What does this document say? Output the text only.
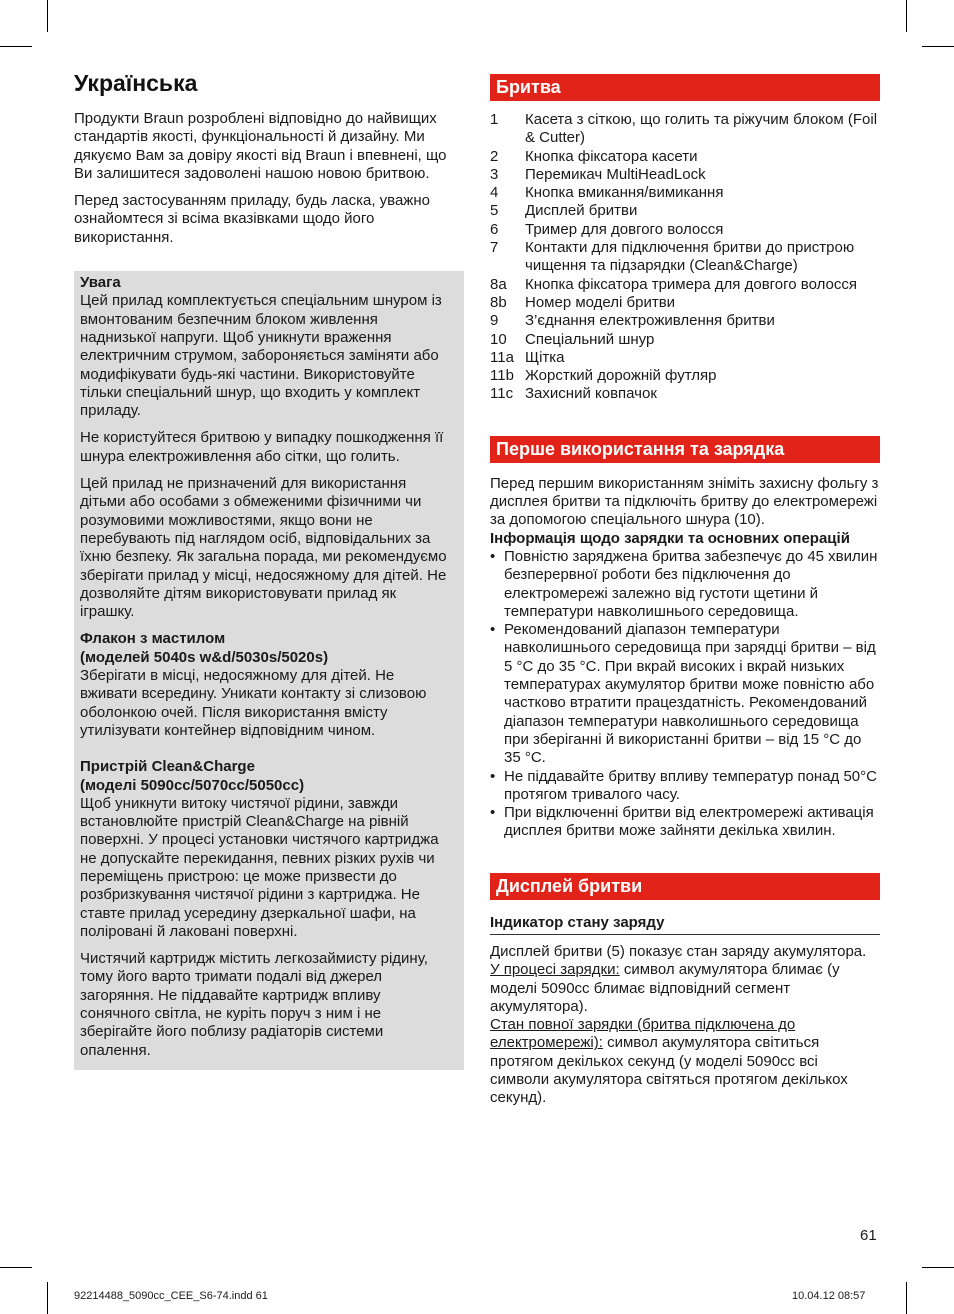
Українська

Продукти Braun розроблені відповідно до найвищих стандартів якості, функціональності й дизайну. Ми дякуємо Вам за довіру якості від Braun і впевнені, що Ви залишитеся задоволені нашою новою бритвою.

Перед застосуванням приладу, будь ласка, уважно ознайомтеся зі всіма вказівками щодо його використання.

Увага

Цей прилад комплектується спеціальним шнуром із вмонтованим безпечним блоком живлення наднизької напруги. Щоб уникнути враження електричним струмом, забороняється заміняти або модифікувати будь-які частини. Використовуйте тільки спеціальний шнур, що входить у комплект приладу.

Не користуйтеся бритвою у випадку пошкодження її шнура електроживлення або сітки, що голить.

Цей прилад не призначений для використання дітьми або особами з обмеженими фізичними чи розумовими можливостями, якщо вони не перебувають під наглядом осіб, відповідальних за їхню безпеку. Як загальна порада, ми рекомендуємо зберігати прилад у місці, недосяжному для дітей. Не дозволяйте дітям використовувати прилад як іграшку.

Флакон з мастилом
(моделей 5040s w&d/5030s/5020s)

Зберігати в місці, недосяжному для дітей. Не вживати всередину. Уникати контакту зі слизовою оболонкою очей. Після використання вмісту утилізувати контейнер відповідним чином.

Пристрій Clean&Charge
(моделі 5090cc/5070cc/5050cc)

Щоб уникнути витоку чистячої рідини, завжди встановлюйте пристрій Clean&Charge на рівній поверхні. У процесі установки чистячого картриджа не допускайте перекидання, певних різких рухів чи переміщень пристрою: це може призвести до розбризкування чистячої рідини з картриджа. Не ставте прилад усередину дзеркальної шафи, на поліровані й лаковані поверхні.

Чистячий картридж містить легкозаймисту рідину, тому його варто тримати подалі від джерел загоряння. Не піддавайте картридж впливу сонячного світла, не куріть поруч з ним і не зберігайте його поблизу радіаторів системи опалення.

Бритва
1	Касета з сіткою, що голить та ріжучим блоком (Foil & Cutter)
2	Кнопка фіксатора касети
3	Перемикач MultiHeadLock
4	Кнопка вмикання/вимикання
5	Дисплей бритви
6	Тример для довгого волосся
7	Контакти для підключення бритви до пристрою чищення та підзарядки (Clean&Charge)
8a	Кнопка фіксатора тримера для довгого волосся
8b	Номер моделі бритви
9	З’єднання електроживлення бритви
10	Спеціальний шнур
11a Щітка
11b Жорсткий дорожній футляр
11c Захисний ковпачок
Перше використання та зарядка

Перед першим використанням зніміть захисну фольгу з дисплея бритви та підключіть бритву до електромережі за допомогою спеціального шнура (10).

Інформація щодо зарядки та основних операцій
• Повністю заряджена бритва забезпечує до 45 хвилин безперервної роботи без підключення до електромережі залежно від густоти щетини й температури навколишнього середовища.
• Рекомендований діапазон температури навколишнього середовища при зарядці бритви – від 5 °C до 35 °C. При вкрай високих і вкрай низьких температурах акумулятор бритви може повністю або частково втратити працездатність. Рекомендований діапазон температури навколишнього середовища при зберіганні й використанні бритви – від 15 °C до 35 °C.
• Не піддавайте бритву впливу температур понад 50°C протягом тривалого часу.
• При відключенні бритви від електромережі активація дисплея бритви може зайняти декілька хвилин.
Дисплей бритви
Індикатор стану заряду
Дисплей бритви (5) показує стан заряду акумулятора.
У процесі зарядки: символ акумулятора блимає (у моделі 5090cc блимає відповідний сегмент акумулятора).
Стан повної зарядки (бритва підключена до електромережі): символ акумулятора світиться протягом декількох секунд (у моделі 5090cc всі символи акумулятора світяться протягом декількох секунд).
61
92214488_5090cc_CEE_S6-74.indd 61	10.04.12 08:57
